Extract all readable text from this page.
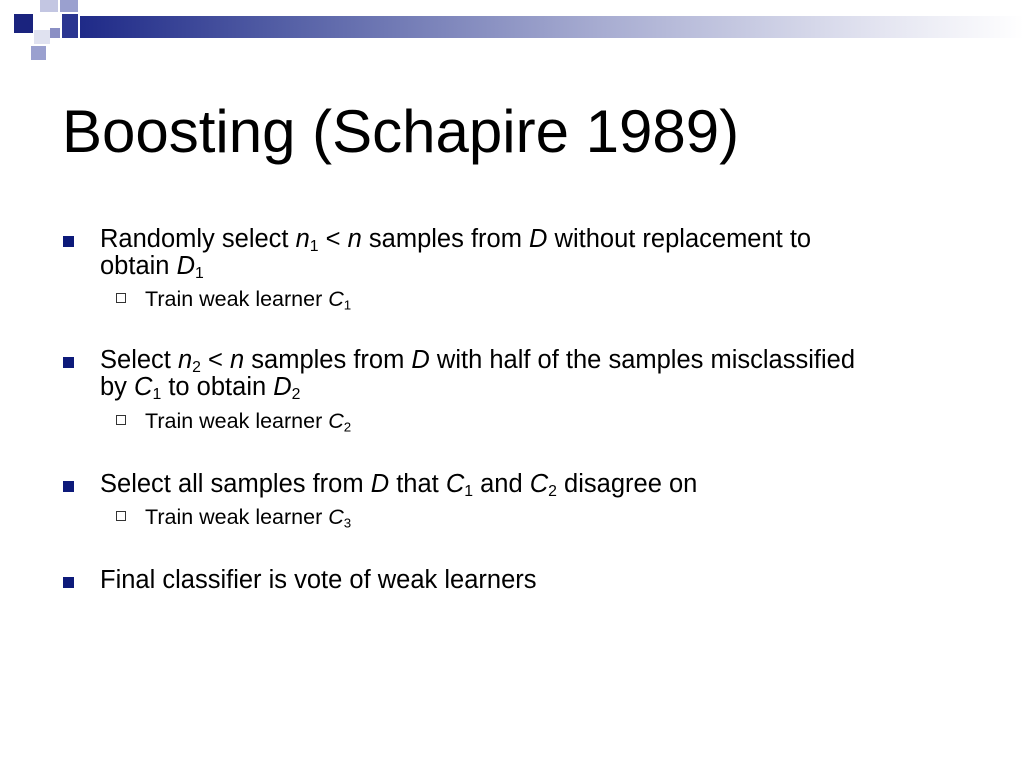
Boosting (Schapire 1989)
Randomly select $n_1 < n$ samples from D without replacement to
obtain $D_1$
Train weak learner $C_1$
Select $n_2 < n$ samples from D with half of the samples misclassified
by $C_1$ to obtain $D_2$
Train weak learner $C_2$
Select all samples from D that $C_1$ and $C_2$ disagree on
Train weak learner $C_3$
Final classifier is vote of weak learners
